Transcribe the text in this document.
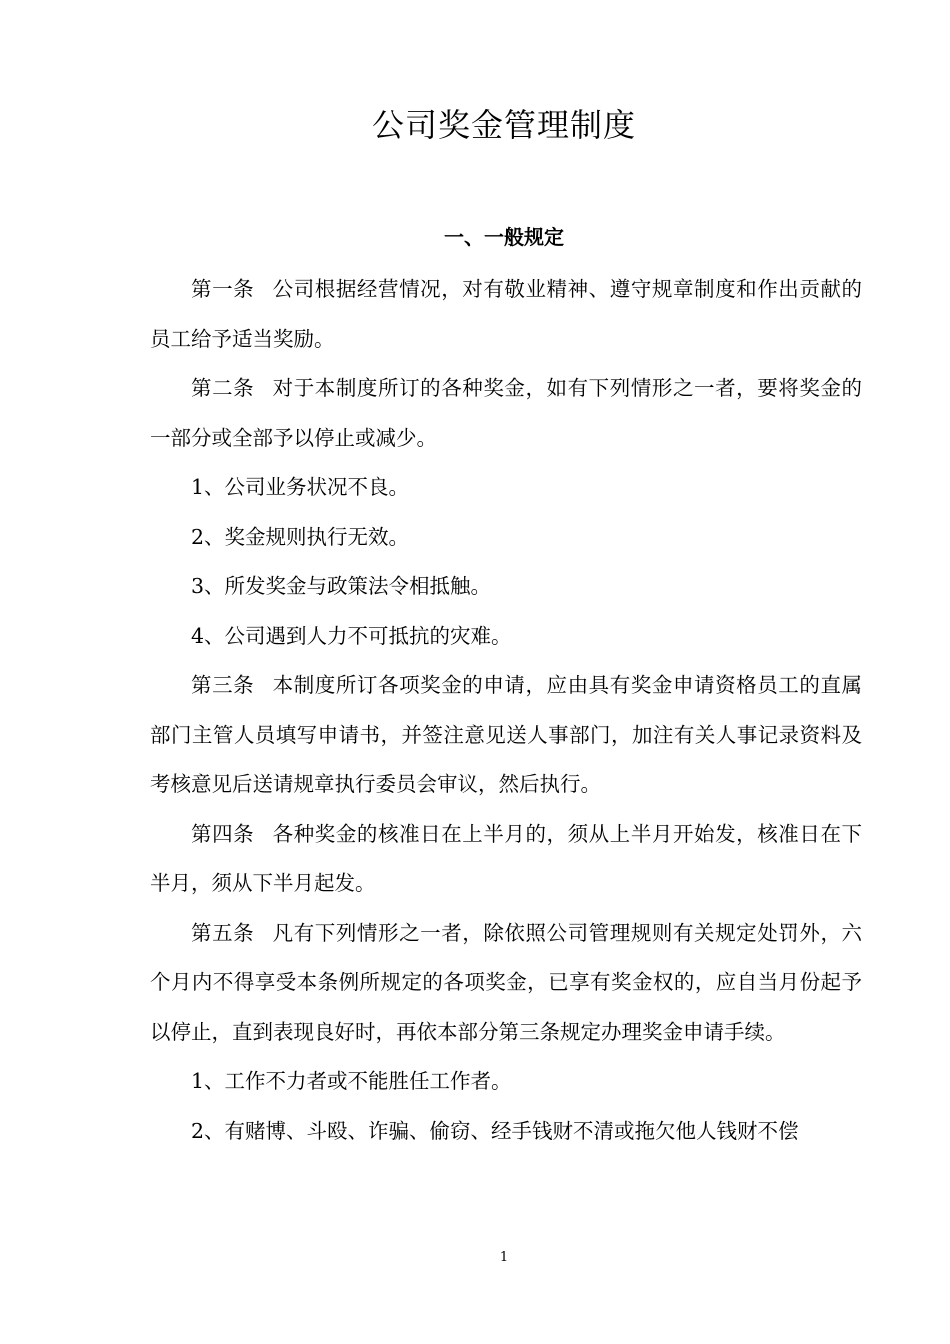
公司奖金管理制度
一、一般规定

第一条 公司根据经营情况，对有敬业精神、遵守规章制度和作出贡献的员工给予适当奖励。

第二条 对于本制度所订的各种奖金，如有下列情形之一者，要将奖金的一部分或全部予以停止或减少。

1、公司业务状况不良。

2、奖金规则执行无效。

3、所发奖金与政策法令相抵触。

4、公司遇到人力不可抵抗的灾难。

第三条 本制度所订各项奖金的申请，应由具有奖金申请资格员工的直属部门主管人员填写申请书，并签注意见送人事部门，加注有关人事记录资料及考核意见后送请规章执行委员会审议，然后执行。

第四条 各种奖金的核准日在上半月的，须从上半月开始发，核准日在下半月，须从下半月起发。

第五条 凡有下列情形之一者，除依照公司管理规则有关规定处罚外，六个月内不得享受本条例所规定的各项奖金，已享有奖金权的，应自当月份起予以停止，直到表现良好时，再依本部分第三条规定办理奖金申请手续。

1、工作不力者或不能胜任工作者。

2、有赌博、斗殴、诈骗、偷窃、经手钱财不清或拖欠他人钱财不偿

1
